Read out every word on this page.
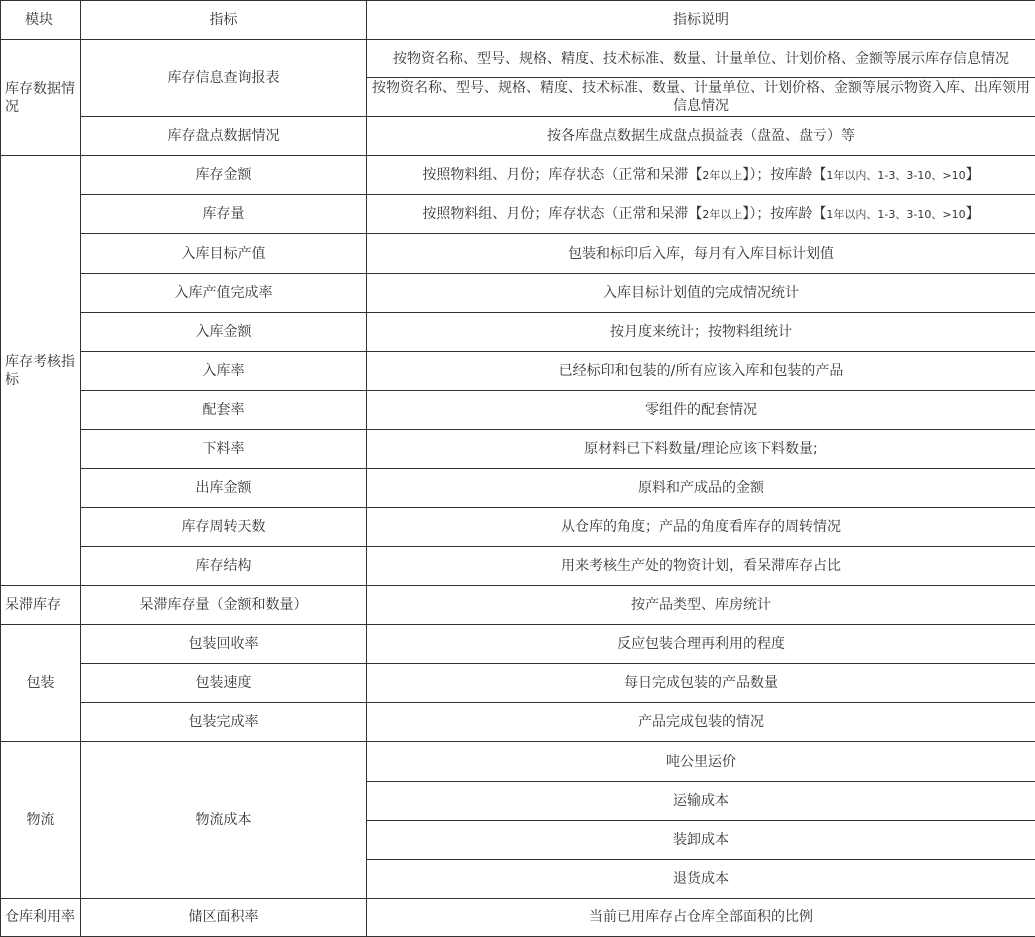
模块	指标	指标说明
库存数据情况	库存信息查询报表	按物资名称、型号、规格、精度、技术标准、数量、计量单位、计划价格、金额等展示库存信息情况
		按物资名称、型号、规格、精度、技术标准、数量、计量单位、计划价格、金额等展示物资入库、出库领用信息情况
	库存盘点数据情况	按各库盘点数据生成盘点损益表（盘盈、盘亏）等
库存考核指标	库存金额	按照物料组、月份；库存状态（正常和呆滞【2年以上】）；按库龄【1年以内、1-3、3-10、>10】
	库存量	按照物料组、月份；库存状态（正常和呆滞【2年以上】）；按库龄【1年以内、1-3、3-10、>10】
	入库目标产值	包装和标印后入库，每月有入库目标计划值
	入库产值完成率	入库目标计划值的完成情况统计
	入库金额	按月度来统计；按物料组统计
	入库率	已经标印和包装的/所有应该入库和包装的产品
	配套率	零组件的配套情况
	下料率	原材料已下料数量/理论应该下料数量;
	出库金额	原料和产成品的金额
	库存周转天数	从仓库的角度；产品的角度看库存的周转情况
	库存结构	用来考核生产处的物资计划，看呆滞库存占比
呆滞库存	呆滞库存量（金额和数量）	按产品类型、库房统计
包装	包装回收率	反应包装合理再利用的程度
	包装速度	每日完成包装的产品数量
	包装完成率	产品完成包装的情况
物流	物流成本	吨公里运价
		运输成本
		装卸成本
		退货成本
仓库利用率	储区面积率	当前已用库存占仓库全部面积的比例
